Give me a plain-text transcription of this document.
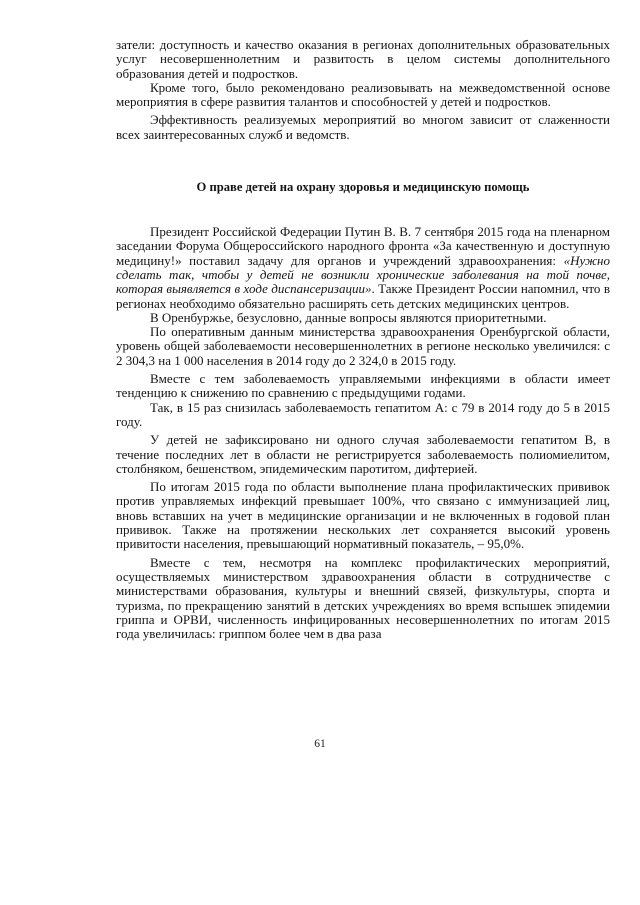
затели: доступность и качество оказания в регионах дополнительных образовательных услуг несовершеннолетним и развитость в целом системы дополнительного образования детей и подростков.

Кроме того, было рекомендовано реализовывать на межведомственной основе мероприятия в сфере развития талантов и способностей у детей и подростков.

Эффективность реализуемых мероприятий во многом зависит от слаженности всех заинтересованных служб и ведомств.

О праве детей на охрану здоровья и медицинскую помощь

Президент Российской Федерации Путин В. В. 7 сентября 2015 года на пленарном заседании Форума Общероссийского народного фронта «За качественную и доступную медицину!» поставил задачу для органов и учреждений здравоохранения: «Нужно сделать так, чтобы у детей не возникли хронические заболевания на той почве, которая выявляется в ходе диспансеризации». Также Президент России напомнил, что в регионах необходимо обязательно расширять сеть детских медицинских центров.

В Оренбуржье, безусловно, данные вопросы являются приоритетными.

По оперативным данным министерства здравоохранения Оренбургской области, уровень общей заболеваемости несовершеннолетних в регионе несколько увеличился: с 2 304,3 на 1 000 населения в 2014 году до 2 324,0 в 2015 году.

Вместе с тем заболеваемость управляемыми инфекциями в области имеет тенденцию к снижению по сравнению с предыдущими годами.

Так, в 15 раз снизилась заболеваемость гепатитом А: с 79 в 2014 году до 5 в 2015 году.

У детей не зафиксировано ни одного случая заболеваемости гепатитом В, в течение последних лет в области не регистрируется заболеваемость полиомиелитом, столбняком, бешенством, эпидемическим паротитом, дифтерией.

По итогам 2015 года по области выполнение плана профилактических прививок против управляемых инфекций превышает 100%, что связано с иммунизацией лиц, вновь вставших на учет в медицинские организации и не включенных в годовой план прививок. Также на протяжении нескольких лет сохраняется высокий уровень привитости населения, превышающий нормативный показатель, – 95,0%.

Вместе с тем, несмотря на комплекс профилактических мероприятий, осуществляемых министерством здравоохранения области в сотрудничестве с министерствами образования, культуры и внешний связей, физкультуры, спорта и туризма, по прекращению занятий в детских учреждениях во время вспышек эпидемии гриппа и ОРВИ, численность инфицированных несовершеннолетних по итогам 2015 года увеличилась: гриппом более чем в два раза

61
